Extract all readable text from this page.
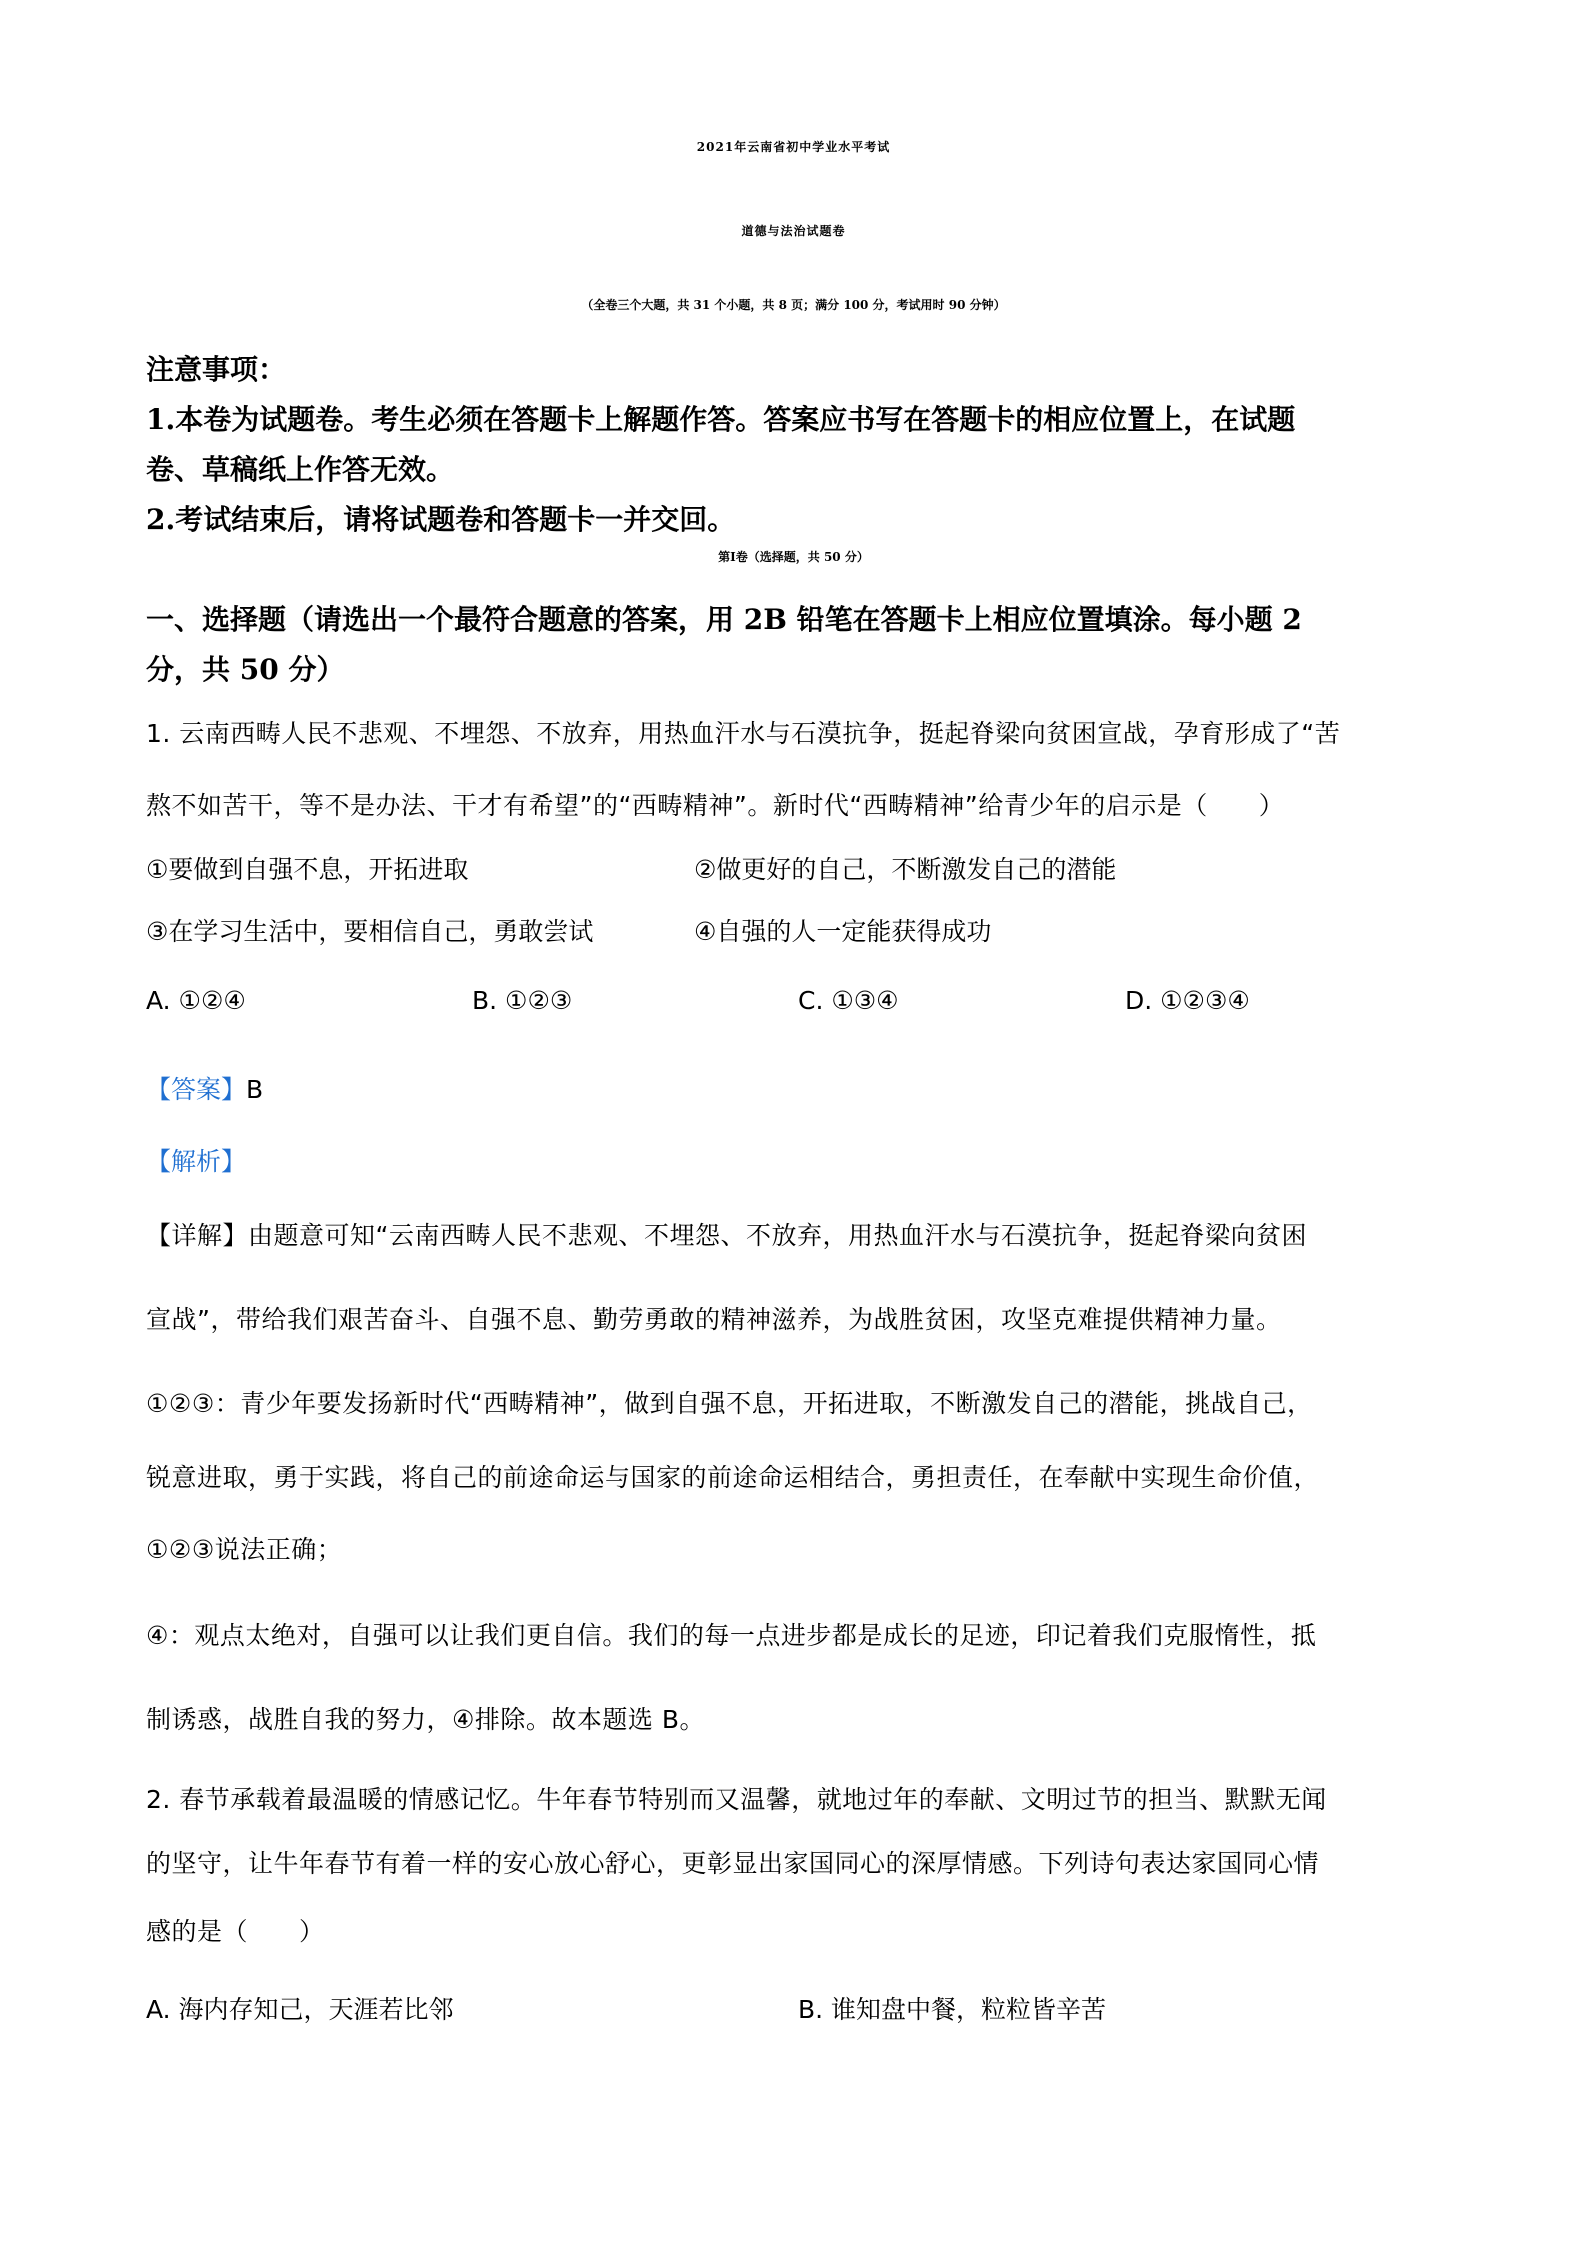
2021年云南省初中学业水平考试
道德与法治试题卷
（全卷三个大题，共 31 个小题，共 8 页；满分 100 分，考试用时 90 分钟）
注意事项：
1.本卷为试题卷。考生必须在答题卡上解题作答。答案应书写在答题卡的相应位置上，在试题
卷、草稿纸上作答无效。
2.考试结束后，请将试题卷和答题卡一并交回。
第Ⅰ卷（选择题，共 50 分）
一、选择题（请选出一个最符合题意的答案，用 2B 铅笔在答题卡上相应位置填涂。每小题 2
分，共 50 分）
1. 云南西畴人民不悲观、不埋怨、不放弃，用热血汗水与石漠抗争，挺起脊梁向贫困宣战，孕育形成了“苦
熬不如苦干，等不是办法、干才有希望”的“西畴精神”。新时代“西畴精神”给青少年的启示是（　　）
①要做到自强不息，开拓进取	②做更好的自己，不断激发自己的潜能
③在学习生活中，要相信自己，勇敢尝试	④自强的人一定能获得成功
A. ①②④	B. ①②③	C. ①③④	D. ①②③④
【答案】B
【解析】
【详解】由题意可知“云南西畴人民不悲观、不埋怨、不放弃，用热血汗水与石漠抗争，挺起脊梁向贫困
宣战”，带给我们艰苦奋斗、自强不息、勤劳勇敢的精神滋养，为战胜贫困，攻坚克难提供精神力量。
①②③：青少年要发扬新时代“西畴精神”，做到自强不息，开拓进取，不断激发自己的潜能，挑战自己，
锐意进取，勇于实践，将自己的前途命运与国家的前途命运相结合，勇担责任，在奉献中实现生命价值，
①②③说法正确；
④：观点太绝对，自强可以让我们更自信。我们的每一点进步都是成长的足迹，印记着我们克服惰性，抵
制诱惑，战胜自我的努力，④排除。故本题选 B。
2. 春节承载着最温暖的情感记忆。牛年春节特别而又温馨，就地过年的奉献、文明过节的担当、默默无闻
的坚守，让牛年春节有着一样的安心放心舒心，更彰显出家国同心的深厚情感。下列诗句表达家国同心情
感的是（　　）
A. 海内存知己，天涯若比邻	B. 谁知盘中餐，粒粒皆辛苦
